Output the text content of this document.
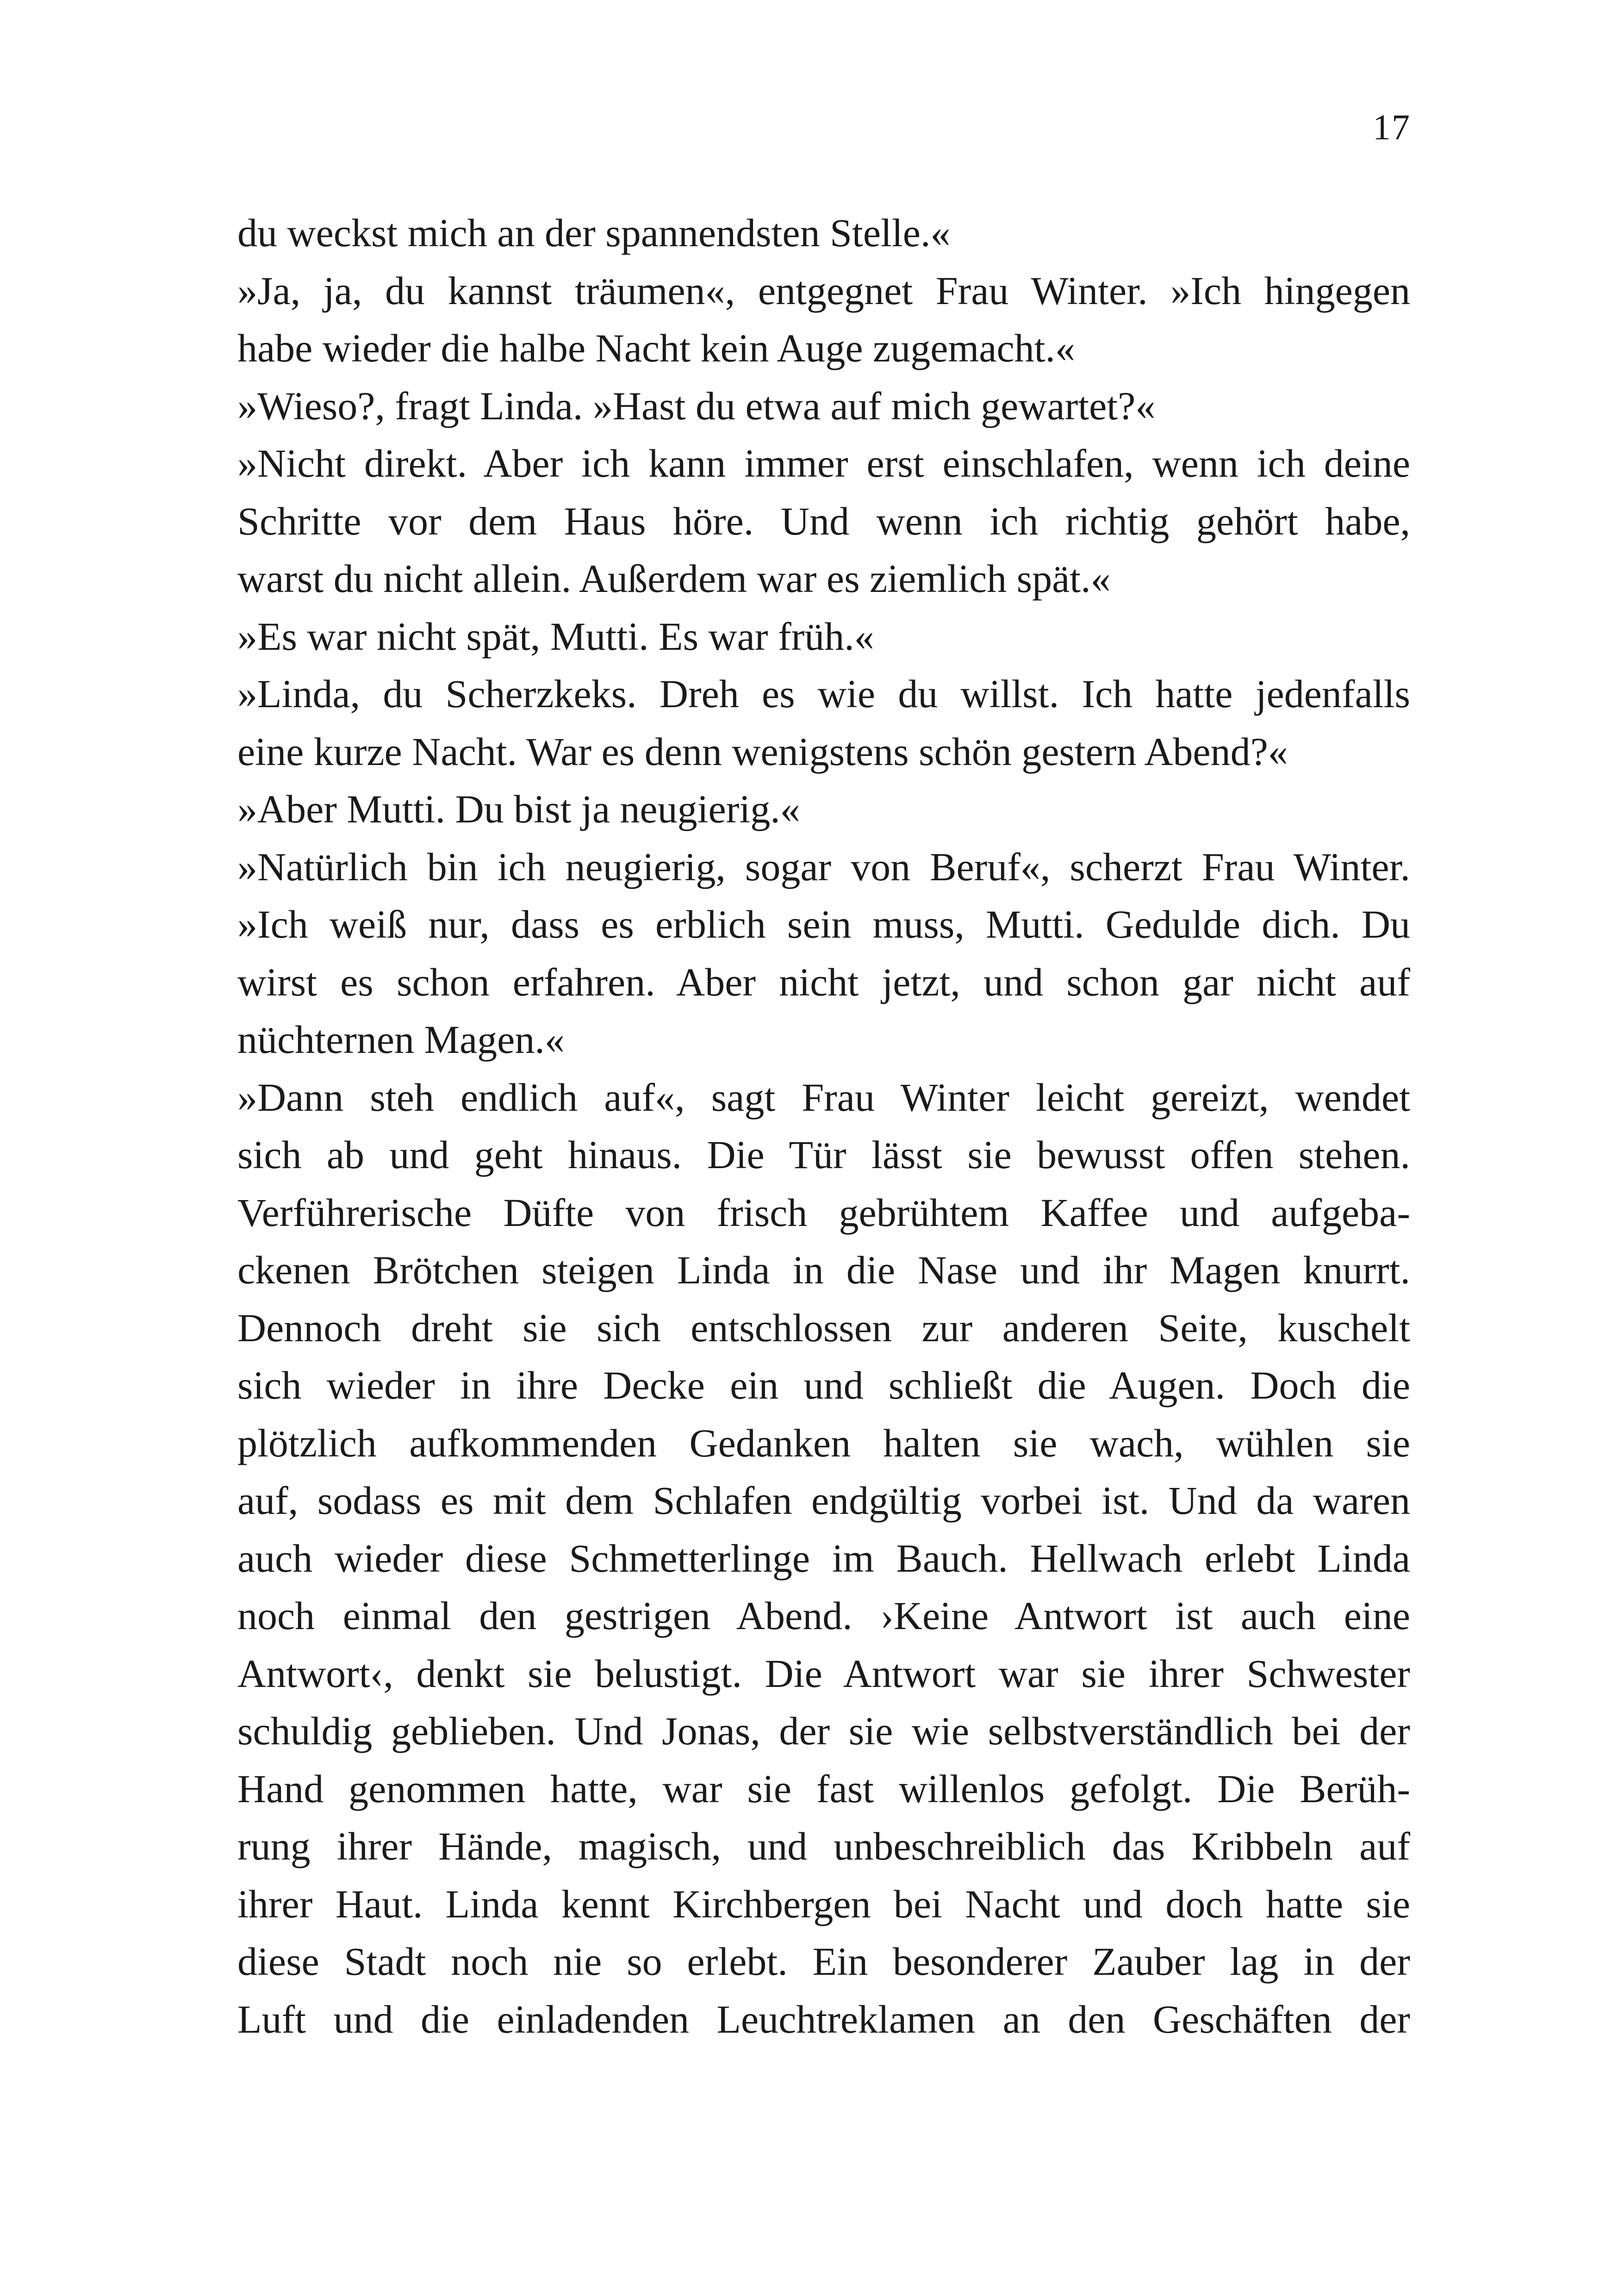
17
du weckst mich an der spannendsten Stelle.«
»Ja, ja, du kannst träumen«, entgegnet Frau Winter. »Ich hingegen
habe wieder die halbe Nacht kein Auge zugemacht.«
»Wieso?, fragt Linda. »Hast du etwa auf mich gewartet?«
»Nicht direkt. Aber ich kann immer erst einschlafen, wenn ich deine
Schritte vor dem Haus höre. Und wenn ich richtig gehört habe,
warst du nicht allein. Außerdem war es ziemlich spät.«
»Es war nicht spät, Mutti. Es war früh.«
»Linda, du Scherzkeks. Dreh es wie du willst. Ich hatte jedenfalls
eine kurze Nacht. War es denn wenigstens schön gestern Abend?«
»Aber Mutti. Du bist ja neugierig.«
»Natürlich bin ich neugierig, sogar von Beruf«, scherzt Frau Winter.
»Ich weiß nur, dass es erblich sein muss, Mutti. Gedulde dich. Du
wirst es schon erfahren. Aber nicht jetzt, und schon gar nicht auf
nüchternen Magen.«
»Dann steh endlich auf«, sagt Frau Winter leicht gereizt, wendet
sich ab und geht hinaus. Die Tür lässt sie bewusst offen stehen.
Verführerische Düfte von frisch gebrühtem Kaffee und aufgeba-
ckenen Brötchen steigen Linda in die Nase und ihr Magen knurrt.
Dennoch dreht sie sich entschlossen zur anderen Seite, kuschelt
sich wieder in ihre Decke ein und schließt die Augen. Doch die
plötzlich aufkommenden Gedanken halten sie wach, wühlen sie
auf, sodass es mit dem Schlafen endgültig vorbei ist. Und da waren
auch wieder diese Schmetterlinge im Bauch. Hellwach erlebt Linda
noch einmal den gestrigen Abend. ›Keine Antwort ist auch eine
Antwort‹, denkt sie belustigt. Die Antwort war sie ihrer Schwester
schuldig geblieben. Und Jonas, der sie wie selbstverständlich bei der
Hand genommen hatte, war sie fast willenlos gefolgt. Die Berüh-
rung ihrer Hände, magisch, und unbeschreiblich das Kribbeln auf
ihrer Haut. Linda kennt Kirchbergen bei Nacht und doch hatte sie
diese Stadt noch nie so erlebt. Ein besonderer Zauber lag in der
Luft und die einladenden Leuchtreklamen an den Geschäften der
